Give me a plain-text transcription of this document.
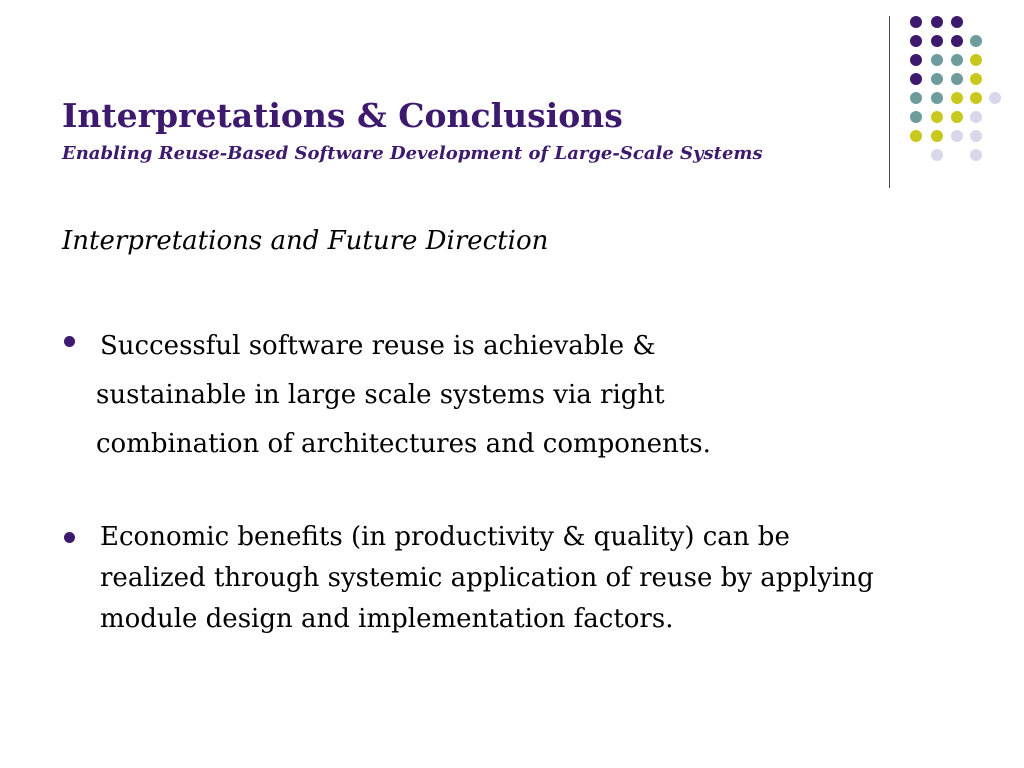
Interpretations & Conclusions
Enabling Reuse-Based Software Development of Large-Scale Systems
Interpretations and Future Direction
Successful software reuse is achievable &
sustainable in large scale systems via right
combination of architectures and components.
Economic benefits (in productivity & quality) can be realized through systemic application of reuse by applying module design and implementation factors.
